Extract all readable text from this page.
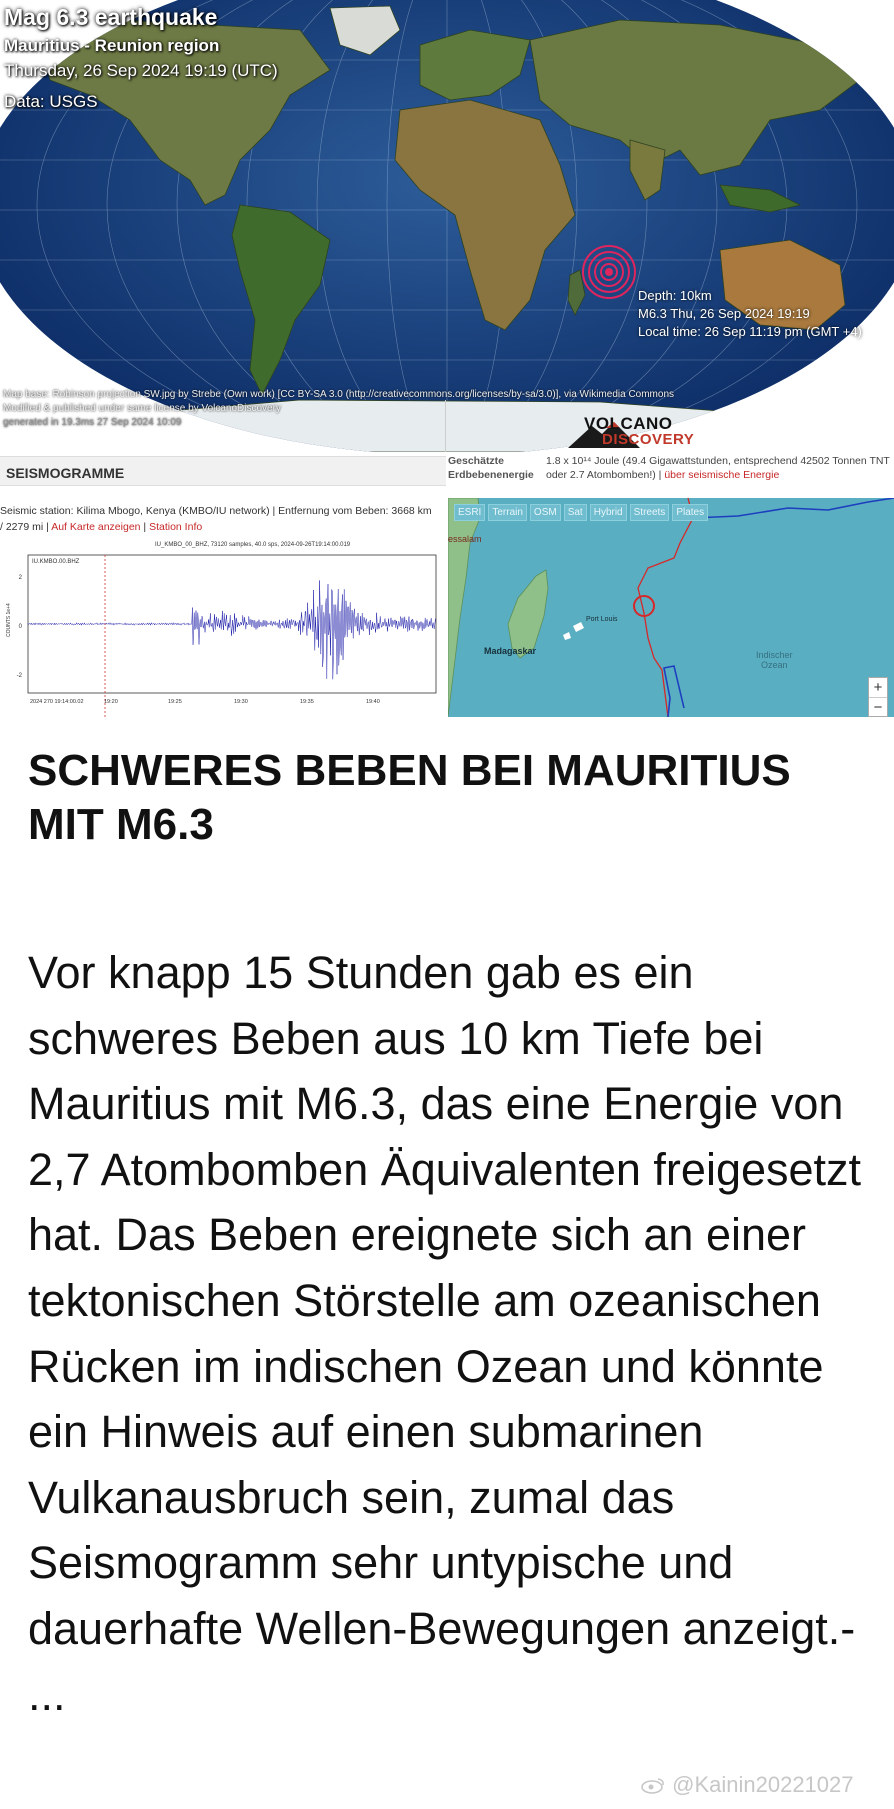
Mag 6.3 earthquake
Mauritius - Reunion region
Thursday, 26 Sep 2024 19:19 (UTC)
Data: USGS
Depth: 10km
M6.3 Thu, 26 Sep 2024 19:19
Local time: 26 Sep 11:19 pm (GMT +4)
Map base: Robinson projection SW.jpg by Strebe (Own work) [CC BY-SA 3.0 (http://creativecommons.org/licenses/by-sa/3.0)], via Wikimedia Commons
Modified & published under same license by VolcanoDiscovery
generated in 19.3ms 27 Sep 2024 10:09	VOLCANO
DISCOVERY
SEISMOGRAMME
Geschätzte
Erdbebenenergie
1.8 x 10¹⁴ Joule (49.4 Gigawattstunden, entsprechend 42502 Tonnen TNT
oder 2.7 Atombomben!) | über seismische Energie
Seismic station: Kilima Mbogo, Kenya (KMBO/IU network) | Entfernung vom Beben: 3668 km
/ 2279 mi | Auf Karte anzeigen | Station Info
IU_KMBO_00_BHZ, 73120 samples, 40.0 sps, 2024-09-26T19:14:00.019
IU.KMBO.00.BHZ
COUNTS 1e+4
2
0
-2
2024 270 19:14:00.02	19:20	19:25	19:30	19:35	19:40
ESRI	Terrain	OSM	Sat	Hybrid	Streets	Plates
essalam
Madagaskar
Port Louis
Indischer
Ozean
+
−
SCHWERES BEBEN BEI MAURITIUS MIT M6.3
Vor knapp 15 Stunden gab es ein schweres Beben aus 10 km Tiefe bei Mauritius mit M6.3, das eine Energie von 2,7 Atombomben Äquivalenten freigesetzt hat. Das Beben ereignete sich an einer tektonischen Störstelle am ozeanischen Rücken im indischen Ozean und könnte ein Hinweis auf einen submarinen Vulkanausbruch sein, zumal das Seismogramm sehr untypische und dauerhafte Wellen-Bewegungen anzeigt.- ...
@Kainin20221027
